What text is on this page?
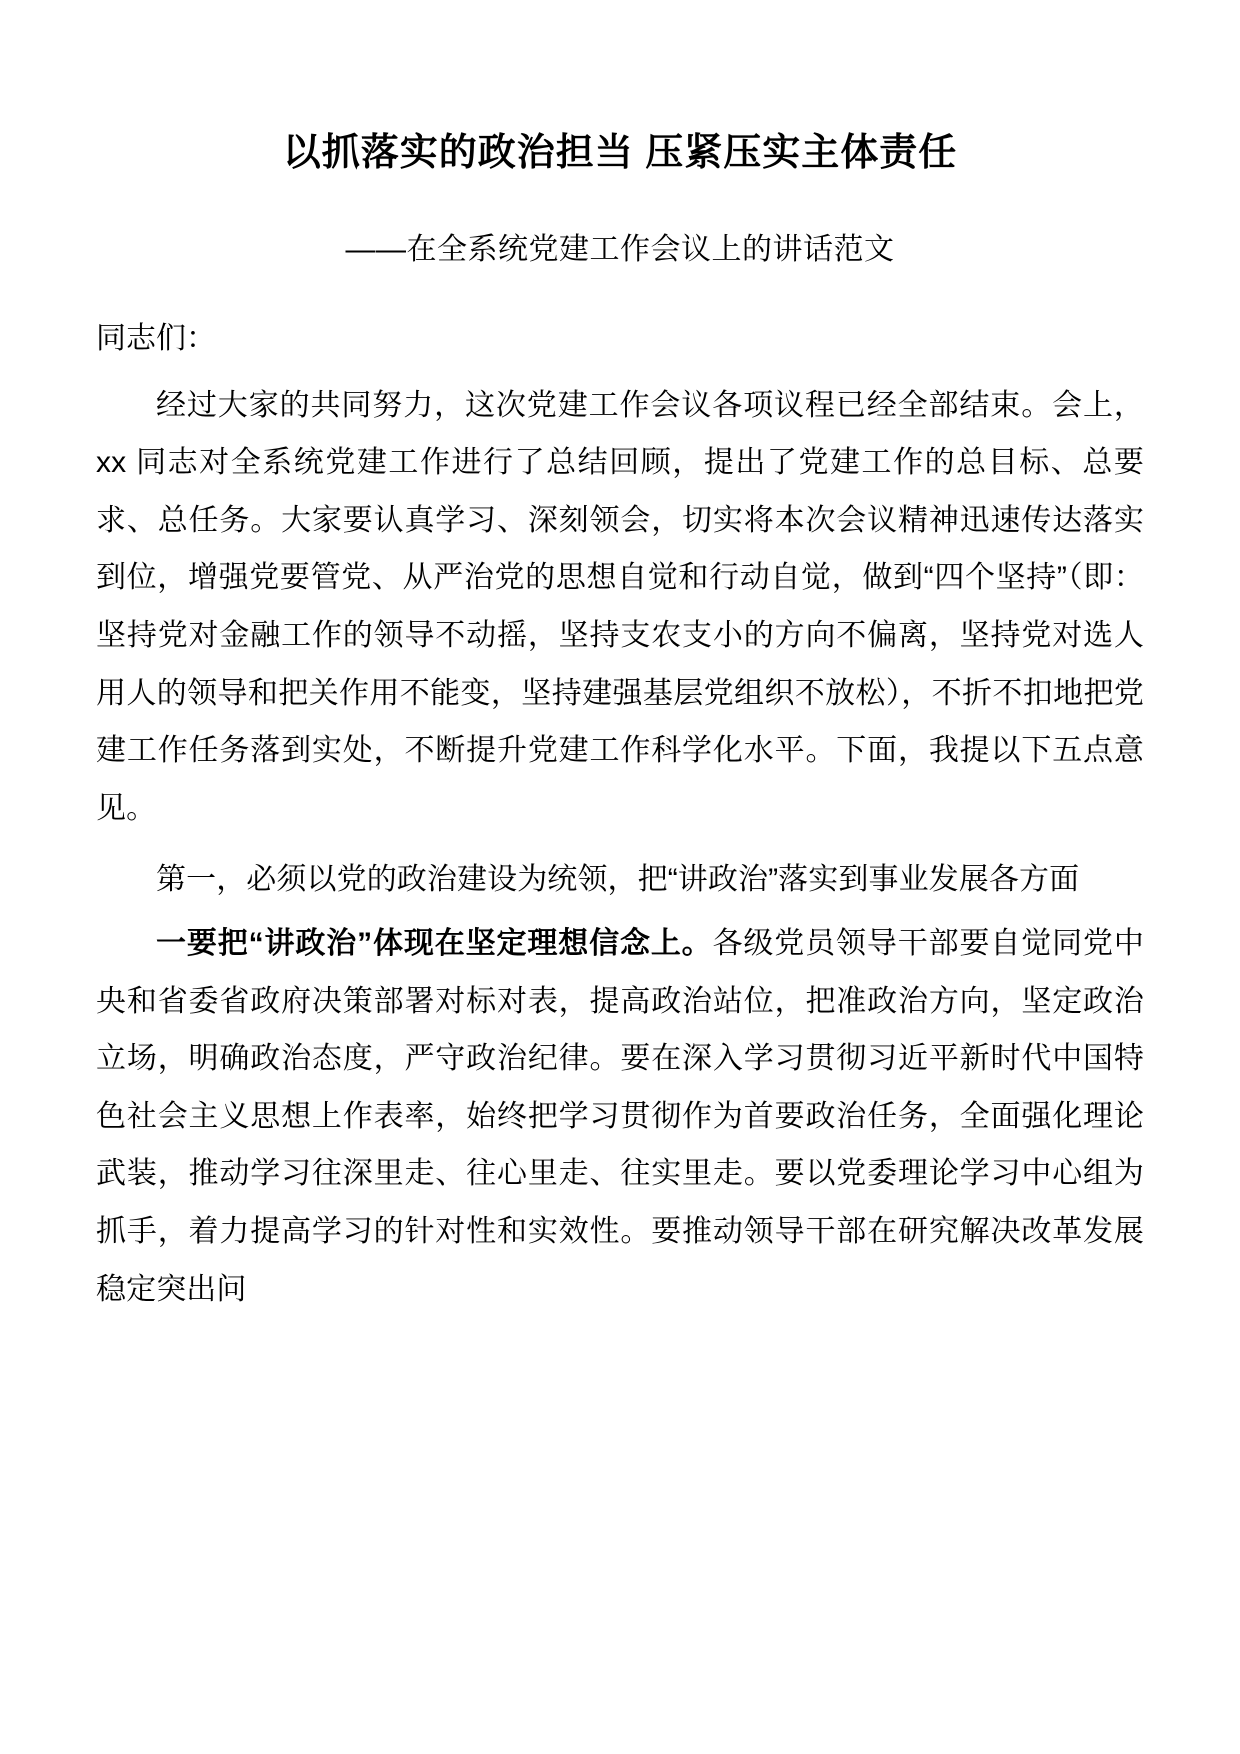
以抓落实的政治担当 压紧压实主体责任
——在全系统党建工作会议上的讲话范文
同志们：

经过大家的共同努力，这次党建工作会议各项议程已经全部结束。会上，xx 同志对全系统党建工作进行了总结回顾，提出了党建工作的总目标、总要求、总任务。大家要认真学习、深刻领会，切实将本次会议精神迅速传达落实到位，增强党要管党、从严治党的思想自觉和行动自觉，做到“四个坚持”（即：坚持党对金融工作的领导不动摇，坚持支农支小的方向不偏离，坚持党对选人用人的领导和把关作用不能变，坚持建强基层党组织不放松），不折不扣地把党建工作任务落到实处，不断提升党建工作科学化水平。下面，我提以下五点意见。

第一，必须以党的政治建设为统领，把“讲政治”落实到事业发展各方面

一要把“讲政治”体现在坚定理想信念上。各级党员领导干部要自觉同党中央和省委省政府决策部署对标对表，提高政治站位，把准政治方向，坚定政治立场，明确政治态度，严守政治纪律。要在深入学习贯彻习近平新时代中国特色社会主义思想上作表率，始终把学习贯彻作为首要政治任务，全面强化理论武装，推动学习往深里走、往心里走、往实里走。要以党委理论学习中心组为抓手，着力提高学习的针对性和实效性。要推动领导干部在研究解决改革发展稳定突出问
